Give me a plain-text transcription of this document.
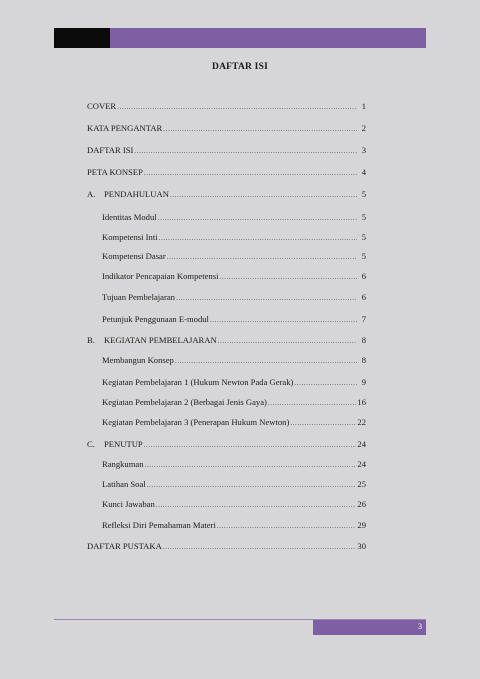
DAFTAR ISI
COVER .....	1
KATA PENGANTAR .....	2
DAFTAR ISI .....	3
PETA KONSEP .....	4
A.	PENDAHULUAN .....	5
Identitas Modul .....	5
Kompetensi Inti .....	5
Kompetensi Dasar .....	5
Indikator Pencapaian Kompetensi .....	6
Tujuan Pembelajaran .....	6
Petunjuk Penggunaan E-modul .....	7
B.	KEGIATAN PEMBELAJARAN .....	8
Membangun Konsep .....	8
Kegiatan Pembelajaran 1 (Hukum Newton Pada Gerak) .....	9
Kegiatan Pembelajaran 2 (Berbagai Jenis Gaya) .....	16
Kegiatan Pembelajaran 3 (Penerapan Hukum Newton) .....	22
C.	PENUTUP .....	24
Rangkuman .....	24
Latihan Soal .....	25
Kunci Jawaban .....	26
Refleksi Diri Pemahaman Materi .....	29
DAFTAR PUSTAKA .....	30
3
